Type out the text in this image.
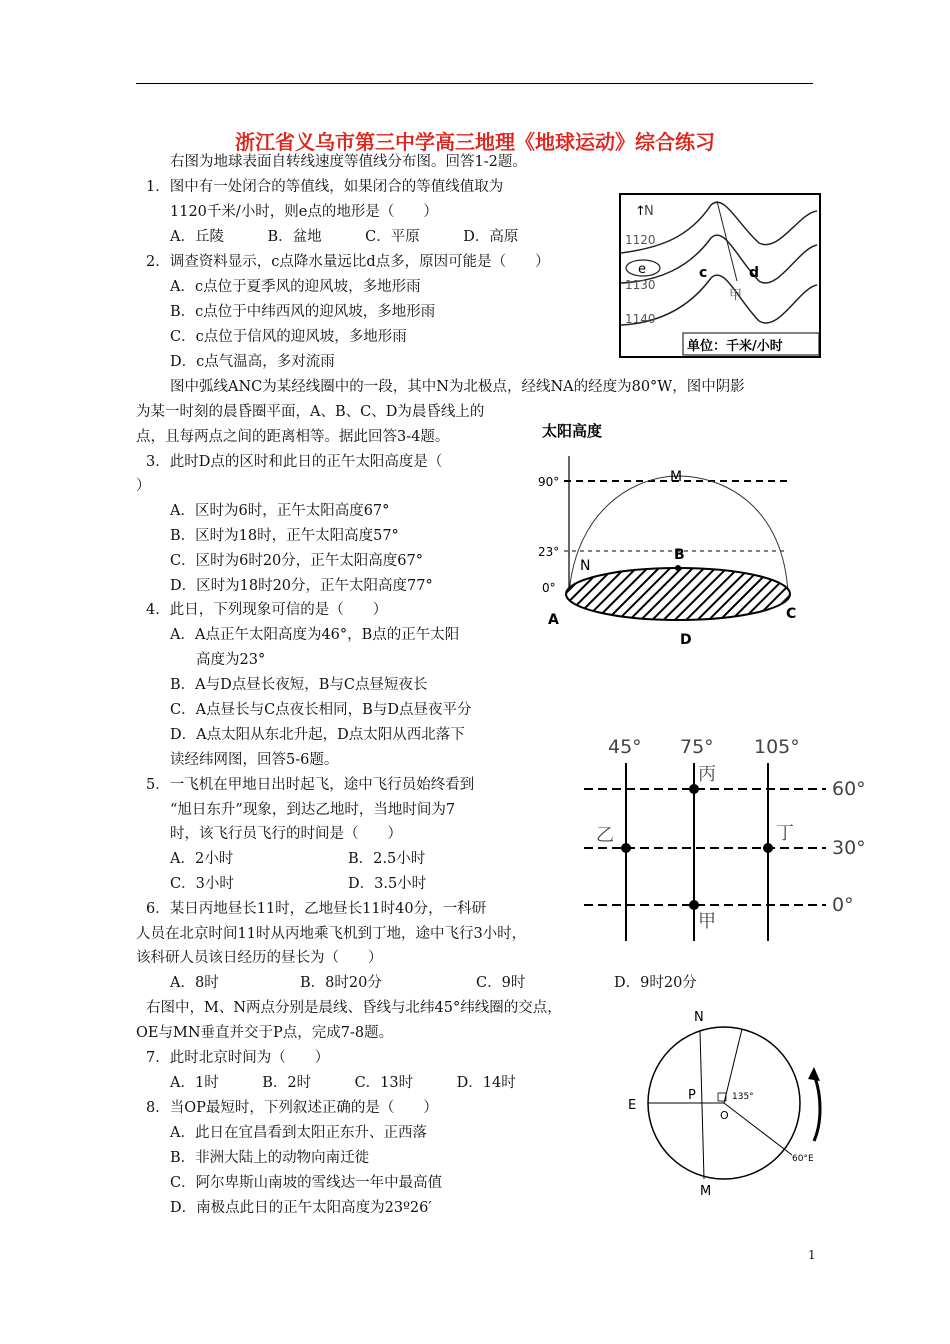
浙江省义乌市第三中学高三地理《地球运动》综合练习
右图为地球表面自转线速度等值线分布图。回答1-2题。
1．图中有一处闭合的等值线，如果闭合的等值线值取为
1120千米/小时，则e点的地形是（　　）
A．丘陵　　　B．盆地　　　C．平原　　　D．高原
2．调查资料显示，c点降水量远比d点多，原因可能是（　　）
A．c点位于夏季风的迎风坡，多地形雨
B．c点位于中纬西风的迎风坡，多地形雨
C．c点位于信风的迎风坡，多地形雨
D．c点气温高，多对流雨
图中弧线ANC为某经线圈中的一段，其中N为北极点，经线NA的经度为80°W，图中阴影
为某一时刻的晨昏圈平面，A、B、C、D为晨昏线上的
点，且每两点之间的距离相等。据此回答3-4题。
3．此时D点的区时和此日的正午太阳高度是（
）
A．区时为6时，正午太阳高度67°
B．区时为18时，正午太阳高度57°
C．区时为6时20分，正午太阳高度67°
D．区时为18时20分，正午太阳高度77°
4．此日，下列现象可信的是（　　）
A．A点正午太阳高度为46°，B点的正午太阳
高度为23°
B．A与D点昼长夜短，B与C点昼短夜长
C．A点昼长与C点夜长相同，B与D点昼夜平分
D．A点太阳从东北升起，D点太阳从西北落下
读经纬网图，回答5-6题。
5．一飞机在甲地日出时起飞，途中飞行员始终看到
“旭日东升”现象，到达乙地时，当地时间为7
时，该飞行员飞行的时间是（　　）
A．2小时	B．2.5小时
C．3小时	D．3.5小时
6．某日丙地昼长11时，乙地昼长11时40分，一科研
人员在北京时间11时从丙地乘飞机到丁地，途中飞行3小时，
该科研人员该日经历的昼长为（　　）
A．8时	B．8时20分	C．9时	D．9时20分
右图中，M、N两点分别是晨线、昏线与北纬45°纬线圈的交点，
OE与MN垂直并交于P点，完成7-8题。
7．此时北京时间为（　　）
A．1时　　　B．2时　　　C．13时　　　D．14时
8．当OP最短时，下列叙述正确的是（　　）
A．此日在宜昌看到太阳正东升、正西落
B．非洲大陆上的动物向南迁徙
C．阿尔卑斯山南坡的雪线达一年中最高值
D．南极点此日的正午太阳高度为23º26′
↑
N
1120
e
1130
1140
c	d
甲
单位：千米/小时
太阳高度
90°
23°
0°
M
B
N
A	C
D
45° 75° 105°
60°
30°
0°
丙
乙	丁
甲
N
E
P
O
135°
60°E
M
1
